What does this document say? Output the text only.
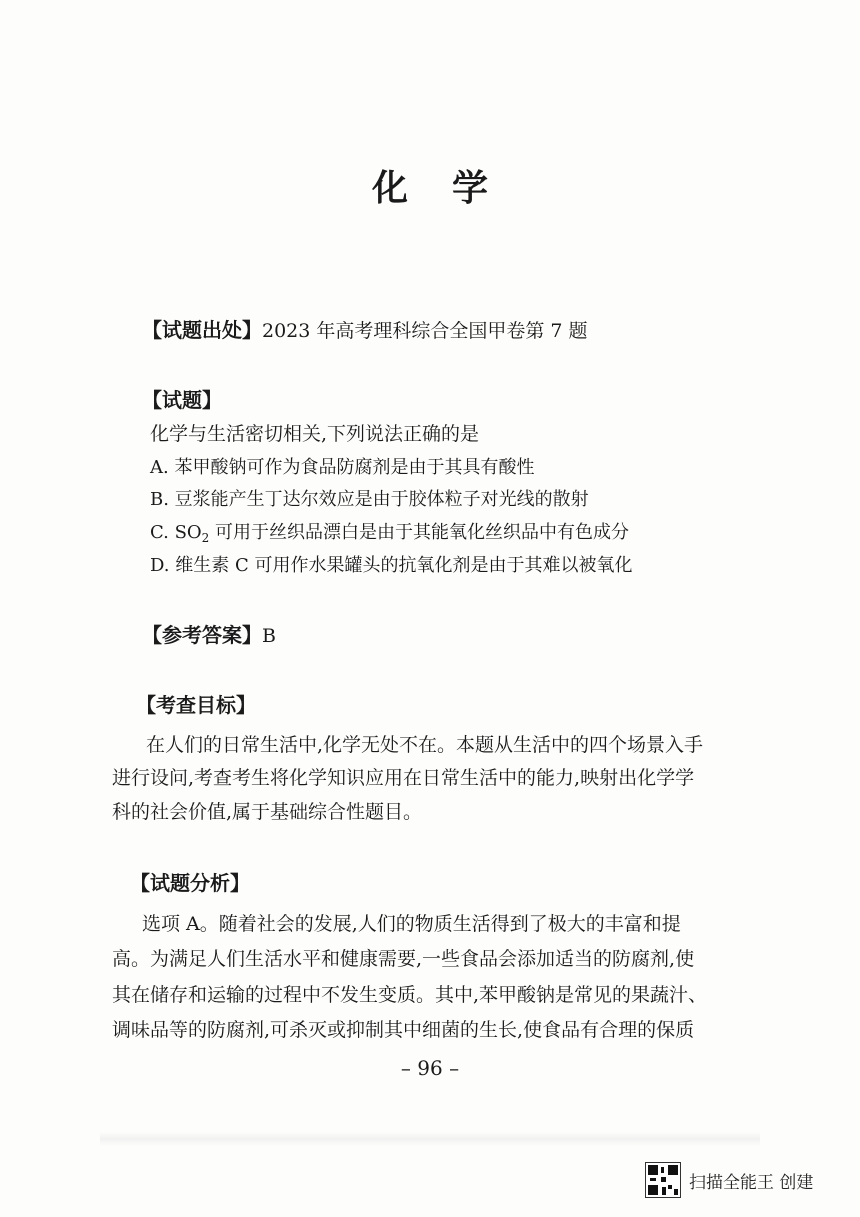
化 学
【试题出处】2023 年高考理科综合全国甲卷第 7 题
【试题】
化学与生活密切相关,下列说法正确的是
A. 苯甲酸钠可作为食品防腐剂是由于其具有酸性
B. 豆浆能产生丁达尔效应是由于胶体粒子对光线的散射
C. $SO_2$ 可用于丝织品漂白是由于其能氧化丝织品中有色成分
D. 维生素 C 可用作水果罐头的抗氧化剂是由于其难以被氧化
【参考答案】B
【考查目标】
在人们的日常生活中,化学无处不在。本题从生活中的四个场景入手
进行设问,考查考生将化学知识应用在日常生活中的能力,映射出化学学
科的社会价值,属于基础综合性题目。
【试题分析】
选项 A。随着社会的发展,人们的物质生活得到了极大的丰富和提
高。为满足人们生活水平和健康需要,一些食品会添加适当的防腐剂,使
其在储存和运输的过程中不发生变质。其中,苯甲酸钠是常见的果蔬汁、
调味品等的防腐剂,可杀灭或抑制其中细菌的生长,使食品有合理的保质
– 96 –
扫描全能王 创建
